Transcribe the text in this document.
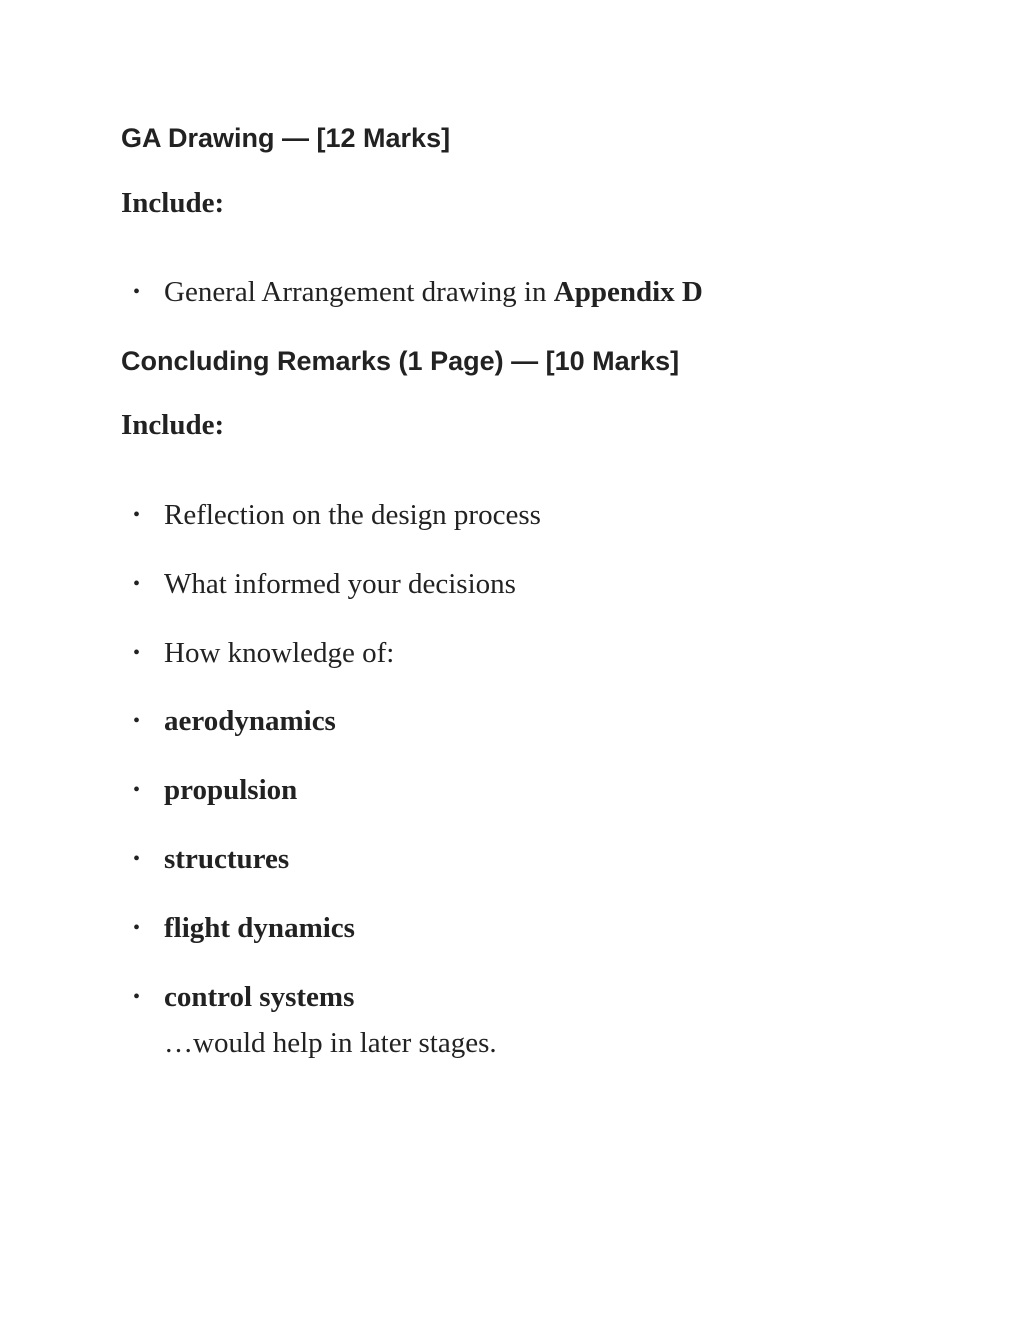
GA Drawing — [12 Marks]
Include:
• General Arrangement drawing in Appendix D
Concluding Remarks (1 Page) — [10 Marks]
Include:
• Reflection on the design process
• What informed your decisions
• How knowledge of:
• aerodynamics
• propulsion
• structures
• flight dynamics
• control systems
…would help in later stages.
